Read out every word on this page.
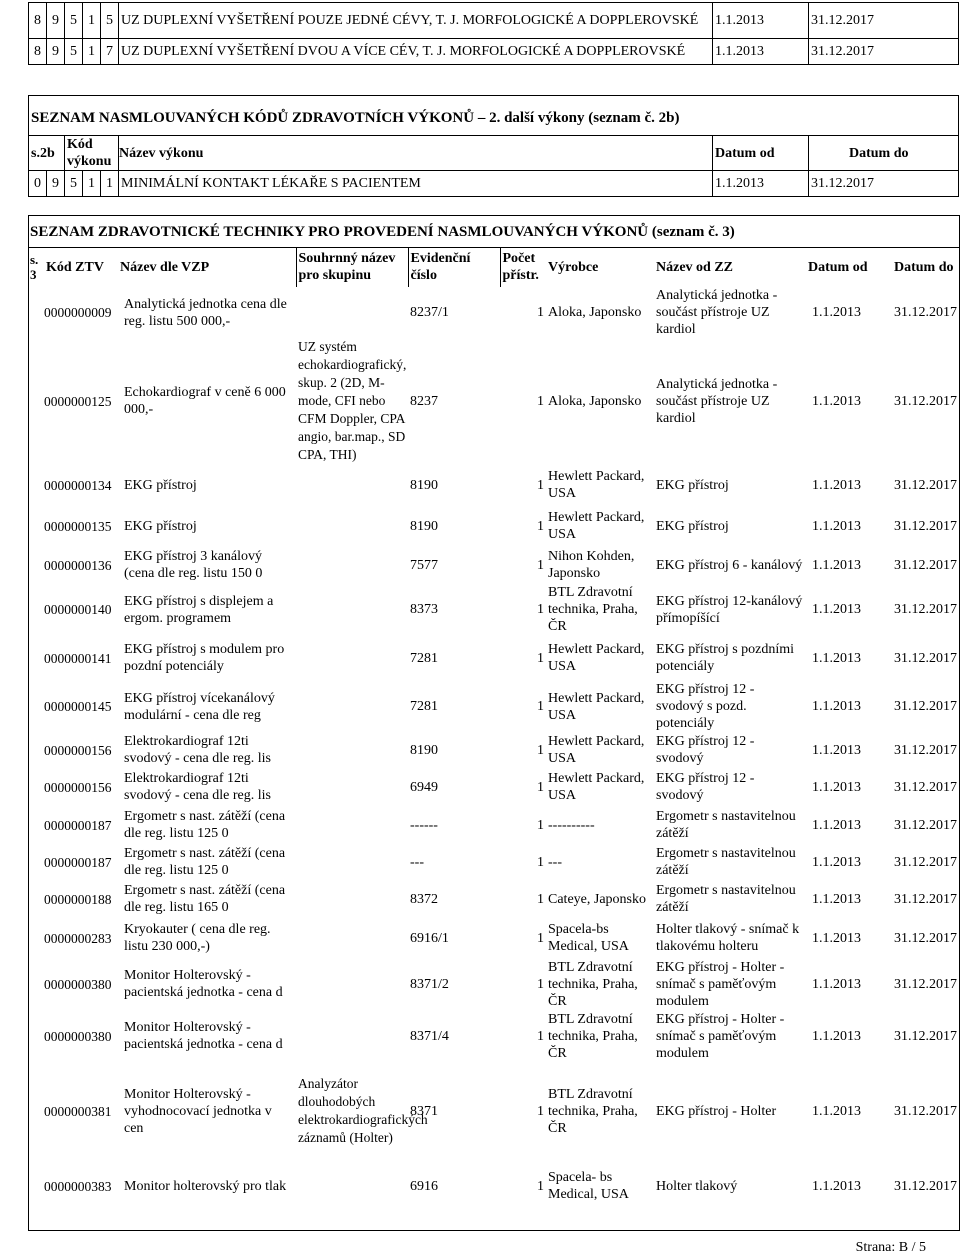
8	9	5	1	5	UZ DUPLEXNÍ VYŠETŘENÍ POUZE JEDNÉ CÉVY, T. J. MORFOLOGICKÉ A DOPPLEROVSKÉ	1.1.2013	31.12.2017
8	9	5	1	7	UZ DUPLEXNÍ VYŠETŘENÍ DVOU A VÍCE CÉV, T. J. MORFOLOGICKÉ A DOPPLEROVSKÉ	1.1.2013	31.12.2017
SEZNAM NASMLOUVANÝCH KÓDŮ ZDRAVOTNÍCH VÝKONŮ – 2. další výkony (seznam č. 2b)							
s.2b		Kód výkonu			Název výkonu	Datum od	Datum do
0	9	5	1	1	MINIMÁLNÍ KONTAKT LÉKAŘE S PACIENTEM	1.1.2013	31.12.2017
SEZNAM ZDRAVOTNICKÉ TECHNIKY PRO PROVEDENÍ NASMLOUVANÝCH VÝKONŮ (seznam č. 3)									
s. 3	Kód ZTV	Název dle VZP	Souhrnný název pro skupinu	Evidenční číslo	Počet přístr.	Výrobce	Název od ZZ	Datum od	Datum do
	0000000009	Analytická jednotka cena dle reg. listu 500 000,-		8237/1	1	Aloka, Japonsko	Analytická jednotka - součást přístroje UZ kardiol	1.1.2013	31.12.2017
	0000000125	Echokardiograf v ceně 6 000 000,-	UZ systém echokardiografický, skup. 2 (2D, M-mode, CFI nebo CFM Doppler, CPA angio, bar.map., SD CPA, THI)	8237	1	Aloka, Japonsko	Analytická jednotka - součást přístroje UZ kardiol	1.1.2013	31.12.2017
	0000000134	EKG přístroj		8190	1	Hewlett Packard, USA	EKG přístroj	1.1.2013	31.12.2017
	0000000135	EKG přístroj		8190	1	Hewlett Packard, USA	EKG přístroj	1.1.2013	31.12.2017
	0000000136	EKG přístroj 3 kanálový (cena dle reg. listu 150 0		7577	1	Nihon Kohden, Japonsko	EKG přístroj 6 - kanálový	1.1.2013	31.12.2017
	0000000140	EKG přístroj s displejem a ergom. programem		8373	1	BTL Zdravotní technika, Praha, ČR	EKG přístroj 12-kanálový přímopíšící	1.1.2013	31.12.2017
	0000000141	EKG přístroj s modulem pro pozdní potenciály		7281	1	Hewlett Packard, USA	EKG přístroj s pozdními potenciály	1.1.2013	31.12.2017
	0000000145	EKG přístroj vícekanálový modulární - cena dle reg		7281	1	Hewlett Packard, USA	EKG přístroj 12 - svodový s pozd. potenciály	1.1.2013	31.12.2017
	0000000156	Elektrokardiograf 12ti svodový - cena dle reg. lis		8190	1	Hewlett Packard, USA	EKG přístroj 12 - svodový	1.1.2013	31.12.2017
	0000000156	Elektrokardiograf 12ti svodový - cena dle reg. lis		6949	1	Hewlett Packard, USA	EKG přístroj 12 - svodový	1.1.2013	31.12.2017
	0000000187	Ergometr s nast. zátěží (cena dle reg. listu 125 0		------	1	----------	Ergometr s nastavitelnou zátěží	1.1.2013	31.12.2017
	0000000187	Ergometr s nast. zátěží (cena dle reg. listu 125 0		---	1	---	Ergometr s nastavitelnou zátěží	1.1.2013	31.12.2017
	0000000188	Ergometr s nast. zátěží (cena dle reg. listu 165 0		8372	1	Cateye, Japonsko	Ergometr s nastavitelnou zátěží	1.1.2013	31.12.2017
	0000000283	Kryokauter ( cena dle reg. listu 230 000,-)		6916/1	1	Spacela-bs Medical, USA	Holter tlakový - snímač k tlakovému holteru	1.1.2013	31.12.2017
	0000000380	Monitor Holterovský - pacientská jednotka - cena d		8371/2	1	BTL Zdravotní technika, Praha, ČR	EKG přístroj - Holter - snímač s paměťovým modulem	1.1.2013	31.12.2017
	0000000380	Monitor Holterovský - pacientská jednotka - cena d		8371/4	1	BTL Zdravotní technika, Praha, ČR	EKG přístroj - Holter - snímač s paměťovým modulem	1.1.2013	31.12.2017
	0000000381	Monitor Holterovský - vyhodnocovací jednotka v cen	Analyzátor dlouhodobých elektrokardiografických záznamů (Holter)	8371	1	BTL Zdravotní technika, Praha, ČR	EKG přístroj - Holter	1.1.2013	31.12.2017
	0000000383	Monitor holterovský pro tlak		6916	1	Spacela- bs Medical, USA	Holter tlakový	1.1.2013	31.12.2017
Strana: B / 5
